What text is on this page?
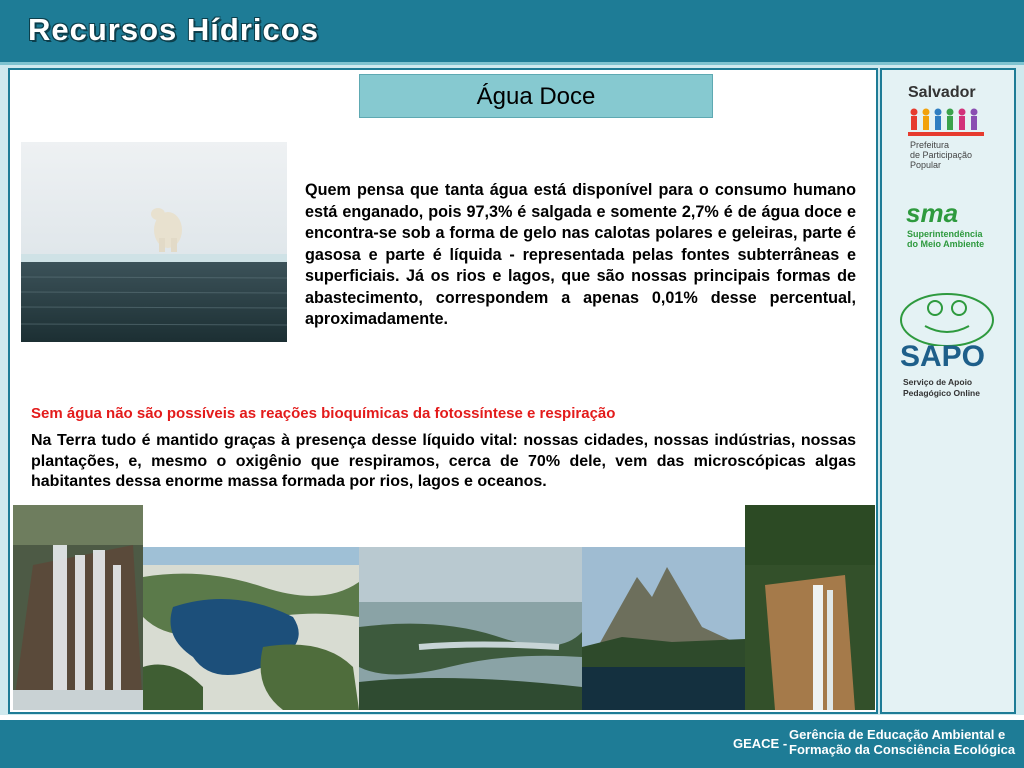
Recursos Hídricos
Água Doce

Quem pensa que tanta água está disponível para o consumo humano está enganado, pois 97,3% é salgada e somente 2,7% é de água doce e encontra-se sob a forma de gelo nas calotas polares e geleiras, parte é gasosa e parte é líquida - representada pelas fontes subterrâneas e superficiais. Já os rios e lagos, que são nossas principais formas de abastecimento, correspondem a apenas 0,01% desse percentual, aproximadamente.

Sem água não são possíveis as reações bioquímicas da fotossíntese e respiração

Na Terra tudo é mantido graças à presença desse líquido vital: nossas cidades, nossas indústrias, nossas plantações, e, mesmo o oxigênio que respiramos, cerca de 70% dele, vem das microscópicas algas habitantes dessa enorme massa formada por rios, lagos e oceanos.

Salvador
Prefeitura
de Participação
Popular
sma
Superintendência
do Meio Ambiente
SAPO
Serviço de Apoio
Pedagógico Online
GEACE -
Gerência de Educação Ambiental e
Formação da Consciência Ecológica
